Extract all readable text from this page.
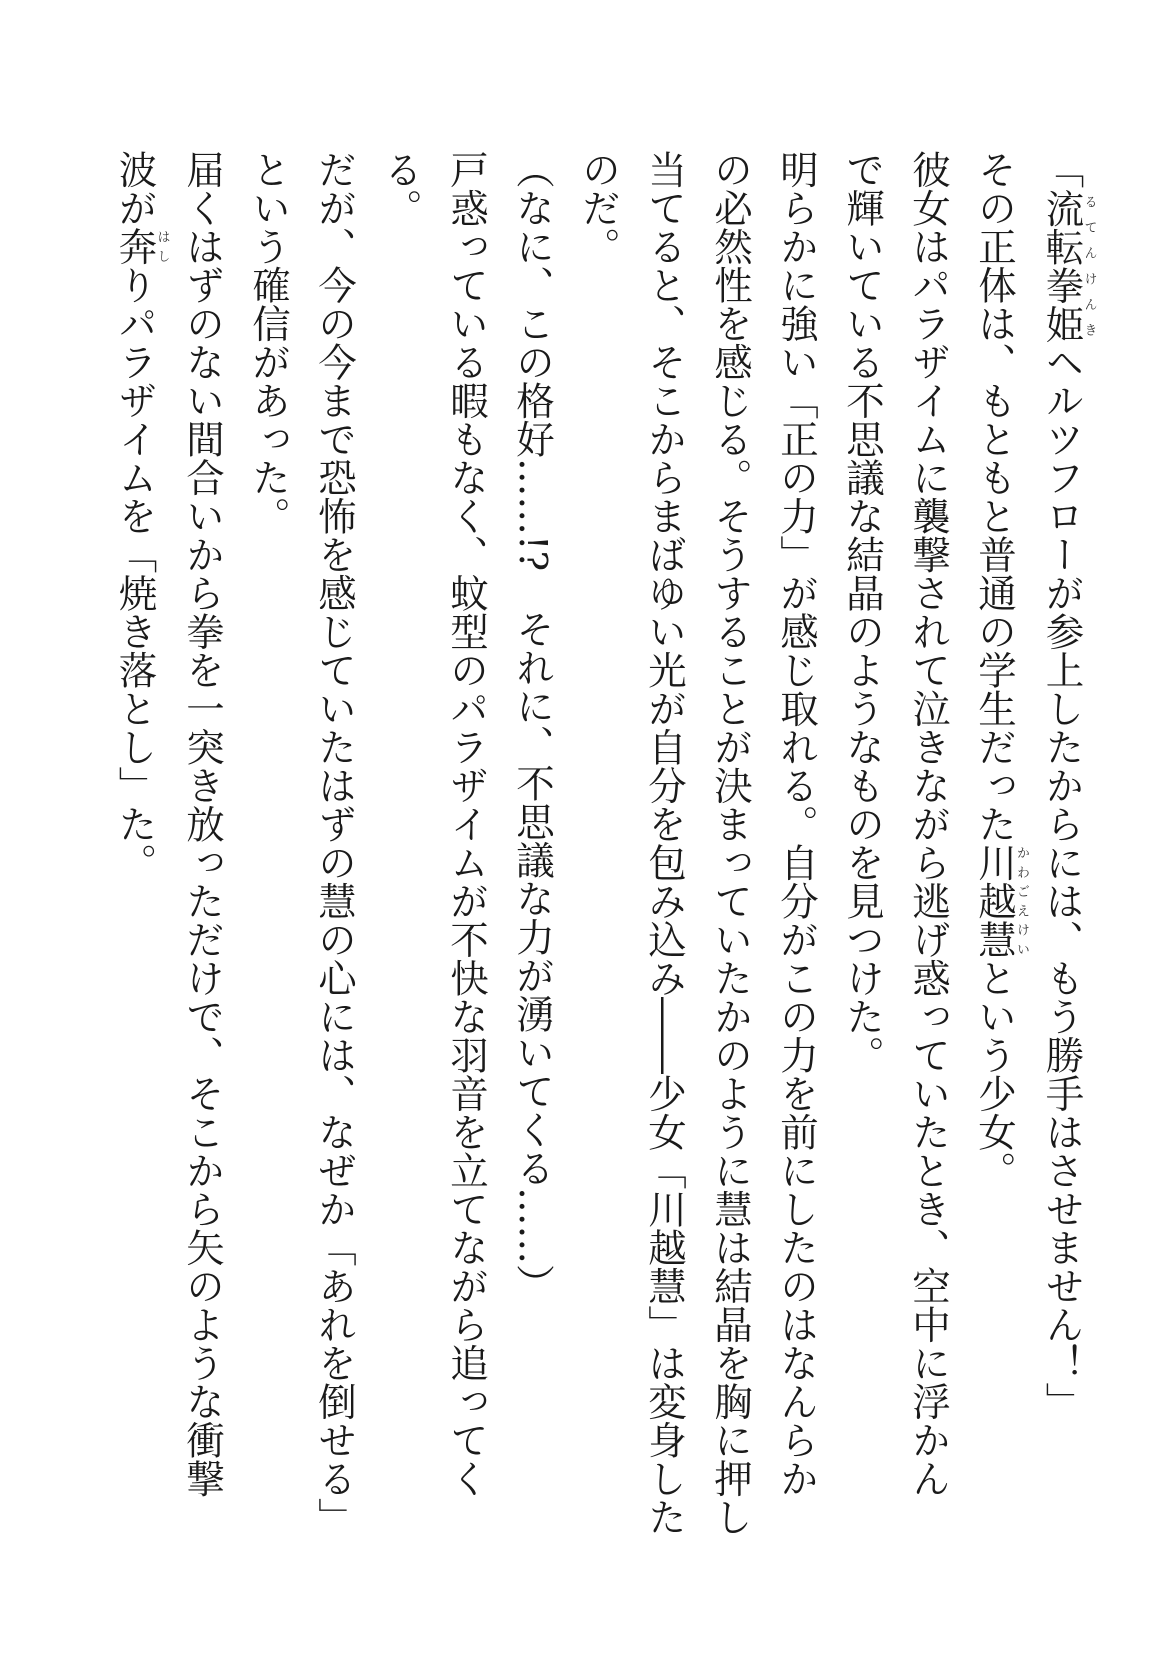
「流転拳姫るてんけんきヘルツフローが参上したからには、もう勝手はさせません！」
その正体は、もともと普通の学生だった川越慧かわごえけいという少女。
彼女はパラザイムに襲撃されて泣きながら逃げ惑っていたとき、空中に浮かん
で輝いている不思議な結晶のようなものを見つけた。
明らかに強い「正の力」が感じ取れる。自分がこの力を前にしたのはなんらか
の必然性を感じる。そうすることが決まっていたかのように慧は結晶を胸に押し
当てると、そこからまばゆい光が自分を包み込み――少女「川越慧」は変身した
のだ。
（なに、この格好……!?　それに、不思議な力が湧いてくる……）
戸惑っている暇もなく、蚊型のパラザイムが不快な羽音を立てながら追ってく
る。
だが、今の今まで恐怖を感じていたはずの慧の心には、なぜか「あれを倒せる」
という確信があった。
届くはずのない間合いから拳を一突き放っただけで、そこから矢のような衝撃
波が奔はしりパラザイムを「焼き落とし」た。
